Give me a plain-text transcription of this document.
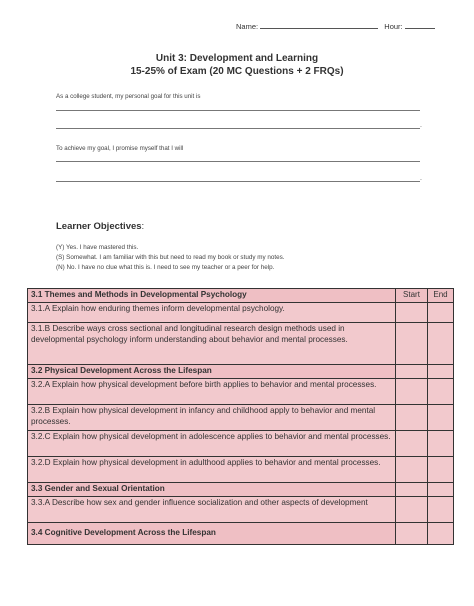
Name:	Hour:

Unit 3: Development and Learning

15-25% of Exam (20 MC Questions + 2 FRQs)

As a college student, my personal goal for this unit is
.
To achieve my goal, I promise myself that I will
.
Learner Objectives:
(Y) Yes. I have mastered this.
(S) Somewhat. I am familiar with this but need to read my book or study my notes.
(N) No. I have no clue what this is. I need to see my teacher or a peer for help.
3.1 Themes and Methods in Developmental Psychology	Start	End
3.1.A Explain how enduring themes inform developmental psychology.		
3.1.B Describe ways cross sectional and longitudinal research design methods used in developmental psychology inform understanding about behavior and mental processes.		
3.2 Physical Development Across the Lifespan		
3.2.A Explain how physical development before birth applies to behavior and mental processes.		
3.2.B Explain how physical development in infancy and childhood apply to behavior and mental processes.		
3.2.C Explain how physical development in adolescence applies to behavior and mental processes.		
3.2.D Explain how physical development in adulthood applies to behavior and mental processes.		
3.3 Gender and Sexual Orientation		
3.3.A Describe how sex and gender influence socialization and other aspects of development		
3.4 Cognitive Development Across the Lifespan		
